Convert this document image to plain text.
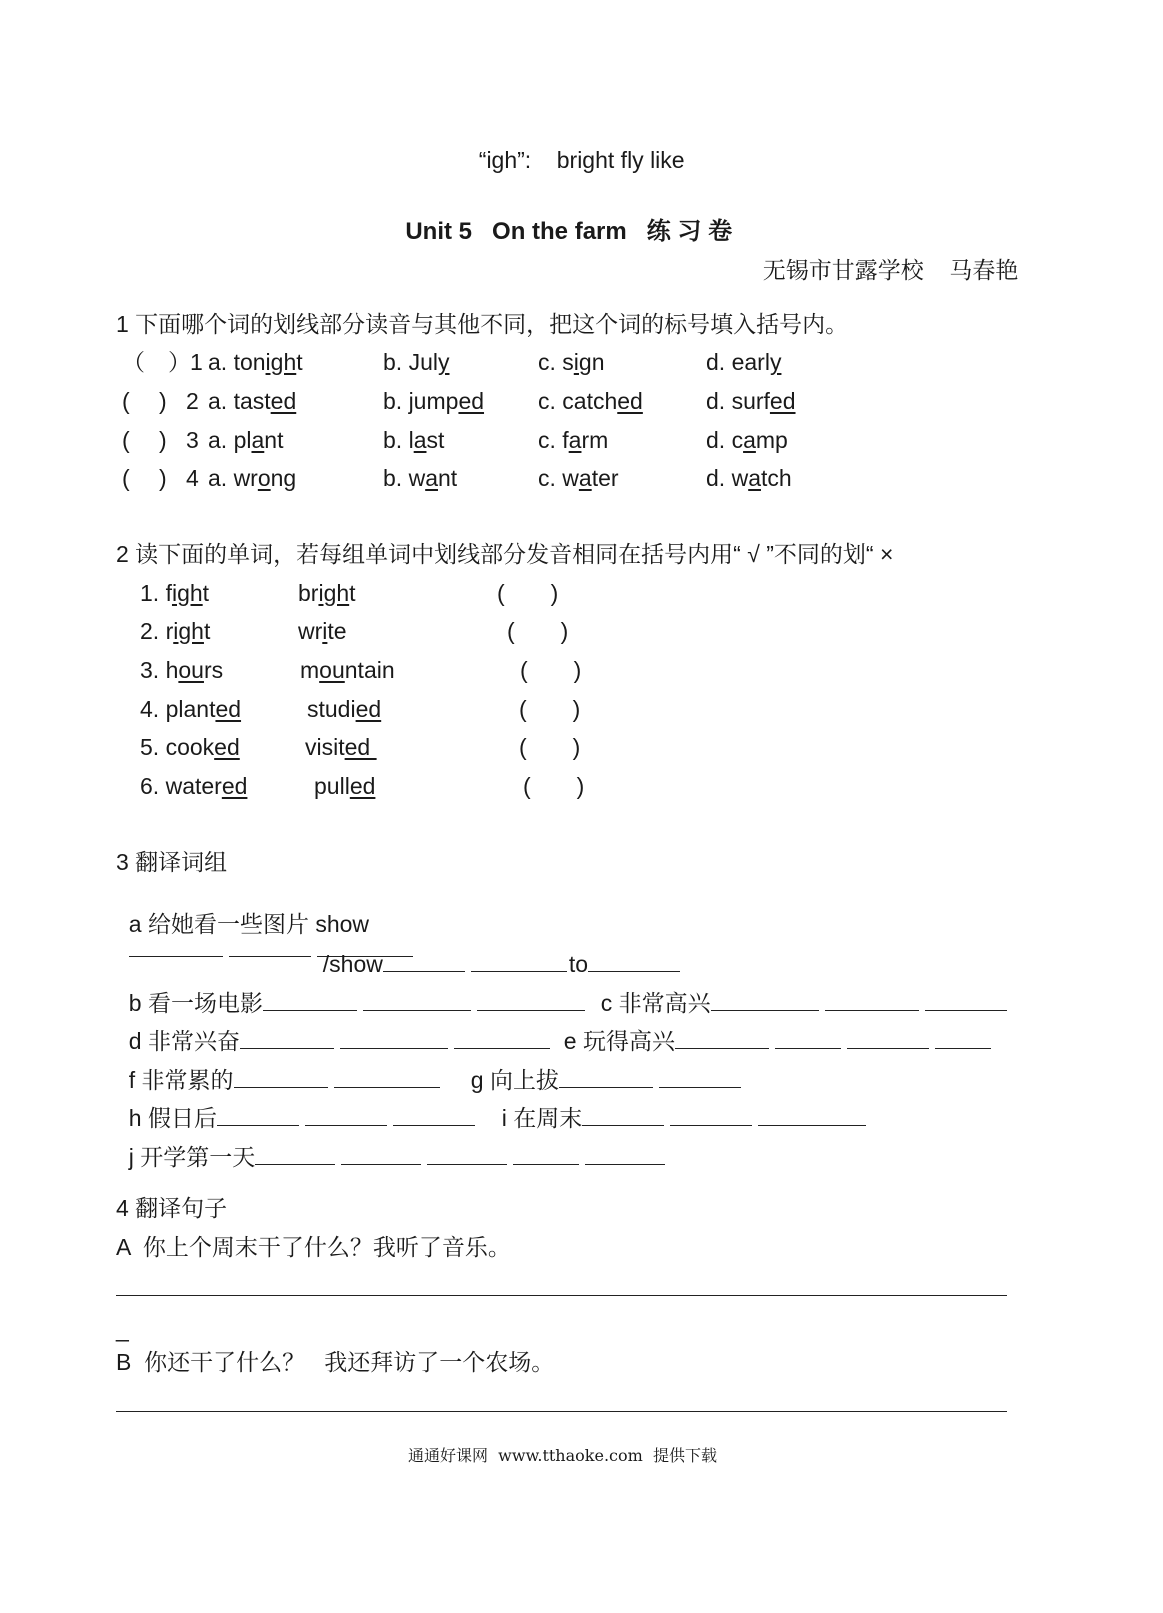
“igh”: bright fly like

Unit 5 On the farm 练 习 卷

无锡市甘露学校 马春艳

1 下面哪个词的划线部分读音与其他不同，把这个词的标号填入括号内。
（　） 1 a. tonight	b. July	c. sign	d. early
(　 ) 2 a. tasted	b. jumped c. catched	d. surfed
(　 ) 3 a. plant	b. last	c. farm	d. camp
(　 ) 4 a. wrong	b. want	c. water	d. watch
2 读下面的单词，若每组单词中划线部分发音相同在括号内用“ √ ”不同的划“ ×
1. fight	bright	(　　)
2. right	write	(　　)
3. hours	mountain	(　　)
4. planted	studied	(　　)
5. cooked	visited	(　　)
6. watered	pulled	(　　)
3 翻译词组

a 给她看一些图片 show

/show	to

b 看一场电影	c 非常高兴

d 非常兴奋	e 玩得高兴

f 非常累的	g 向上拔

h 假日后	i 在周末

j 开学第一天

4 翻译句子
A  你上个周末干了什么？我听了音乐。
_
B  你还干了什么？   我还拜访了一个农场。
通通好课网  www.tthaoke.com  提供下载
